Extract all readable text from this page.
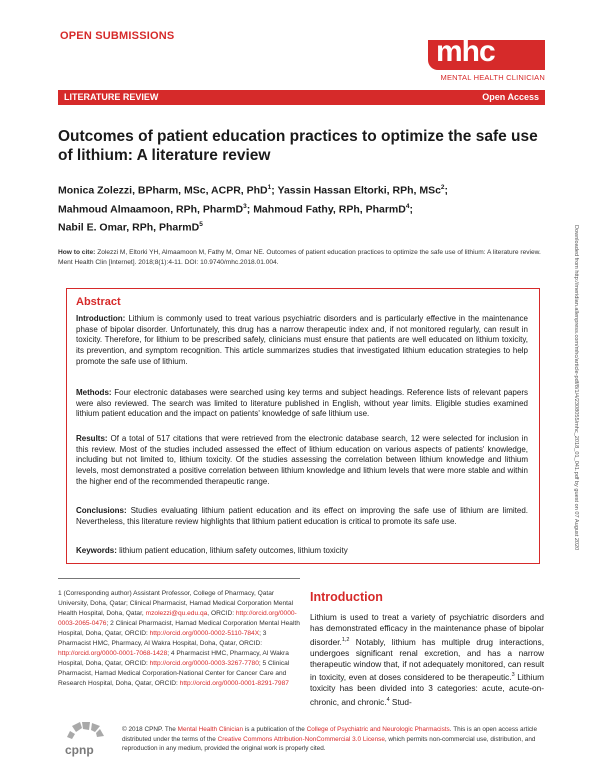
OPEN SUBMISSIONS	mhc
MENTAL HEALTH CLINICIAN
LITERATURE REVIEW	Open Access
Outcomes of patient education practices to optimize the safe use of lithium: A literature review
Monica Zolezzi, BPharm, MSc, ACPR, PhD$^1$; Yassin Hassan Eltorki, RPh, MSc$^2$;
Mahmoud Almaamoon, RPh, PharmD$^3$; Mahmoud Fathy, RPh, PharmD$^4$;
Nabil E. Omar, RPh, PharmD$^5$
How to cite: Zolezzi M, Eltorki YH, Almaamoon M, Fathy M, Omar NE. Outcomes of patient education practices to optimize the safe use of lithium: A literature review. Ment Health Clin [Internet]. 2018;8(1):4-11. DOI: 10.9740/mhc.2018.01.004.
Abstract
Introduction: Lithium is commonly used to treat various psychiatric disorders and is particularly effective in the maintenance phase of bipolar disorder. Unfortunately, this drug has a narrow therapeutic index and, if not monitored regularly, can result in toxicity. Therefore, for lithium to be prescribed safely, clinicians must ensure that patients are well educated on lithium toxicity, its prevention, and symptom recognition. This article summarizes studies that investigated lithium education strategies to help promote the safe use of lithium.
Methods: Four electronic databases were searched using key terms and subject headings. Reference lists of relevant papers were also reviewed. The search was limited to literature published in English, without year limits. Eligible studies examined lithium patient education and the impact on patients' knowledge of safe lithium use.
Results: Of a total of 517 citations that were retrieved from the electronic database search, 12 were selected for inclusion in this review. Most of the studies included assessed the effect of lithium education on various aspects of patients' knowledge, including but not limited to, lithium toxicity. Of the studies assessing the correlation between lithium knowledge and lithium levels, most demonstrated a positive correlation between lithium knowledge and lithium levels that were more stable and within the higher end of the recommended therapeutic range.
Conclusions: Studies evaluating lithium patient education and its effect on improving the safe use of lithium are limited. Nevertheless, this literature review highlights that lithium patient education is critical to promote its safe use.
Keywords: lithium patient education, lithium safety outcomes, lithium toxicity
1 (Corresponding author) Assistant Professor, College of Pharmacy, Qatar University, Doha, Qatar; Clinical Pharmacist, Hamad Medical Corporation Mental Health Hospital, Doha, Qatar, mzolezzi@qu.edu.qa, ORCID: http://orcid.org/0000-0003-2065-0476; 2 Clinical Pharmacist, Hamad Medical Corporation Mental Health Hospital, Doha, Qatar, ORCID: http://orcid.org/0000-0002-5110-784X; 3 Pharmacist HMC, Pharmacy, Al Wakra Hospital, Doha, Qatar, ORCID: http://orcid.org/0000-0001-7068-1428; 4 Pharmacist HMC, Pharmacy, Al Wakra Hospital, Doha, Qatar, ORCID: http://orcid.org/0000-0003-3267-7780; 5 Clinical Pharmacist, Hamad Medical Corporation-National Center for Cancer Care and Research Hospital, Doha, Qatar, ORCID: http://orcid.org/0000-0001-8291-7987
Introduction
Lithium is used to treat a variety of psychiatric disorders and has demonstrated efficacy in the maintenance phase of bipolar disorder.$^{1,2}$ Notably, lithium has multiple drug interactions, undergoes significant renal excretion, and has a narrow therapeutic window that, if not adequately monitored, can result in toxicity, even at doses considered to be therapeutic.$^3$ Lithium toxicity has been divided into 3 categories: acute, acute-on-chronic, and chronic.$^4$ Stud-
cpnp
© 2018 CPNP. The Mental Health Clinician is a publication of the College of Psychiatric and Neurologic Pharmacists. This is an open access article distributed under the terms of the Creative Commons Attribution-NonCommercial 3.0 License, which permits non-commercial use, distribution, and reproduction in any medium, provided the original work is properly cited.
Downloaded from http://meridian.allenpress.com/mhc/article-pdf/8/1/4/2308055/mhc_2018_01_041.pdf by guest on 07 August 2020
